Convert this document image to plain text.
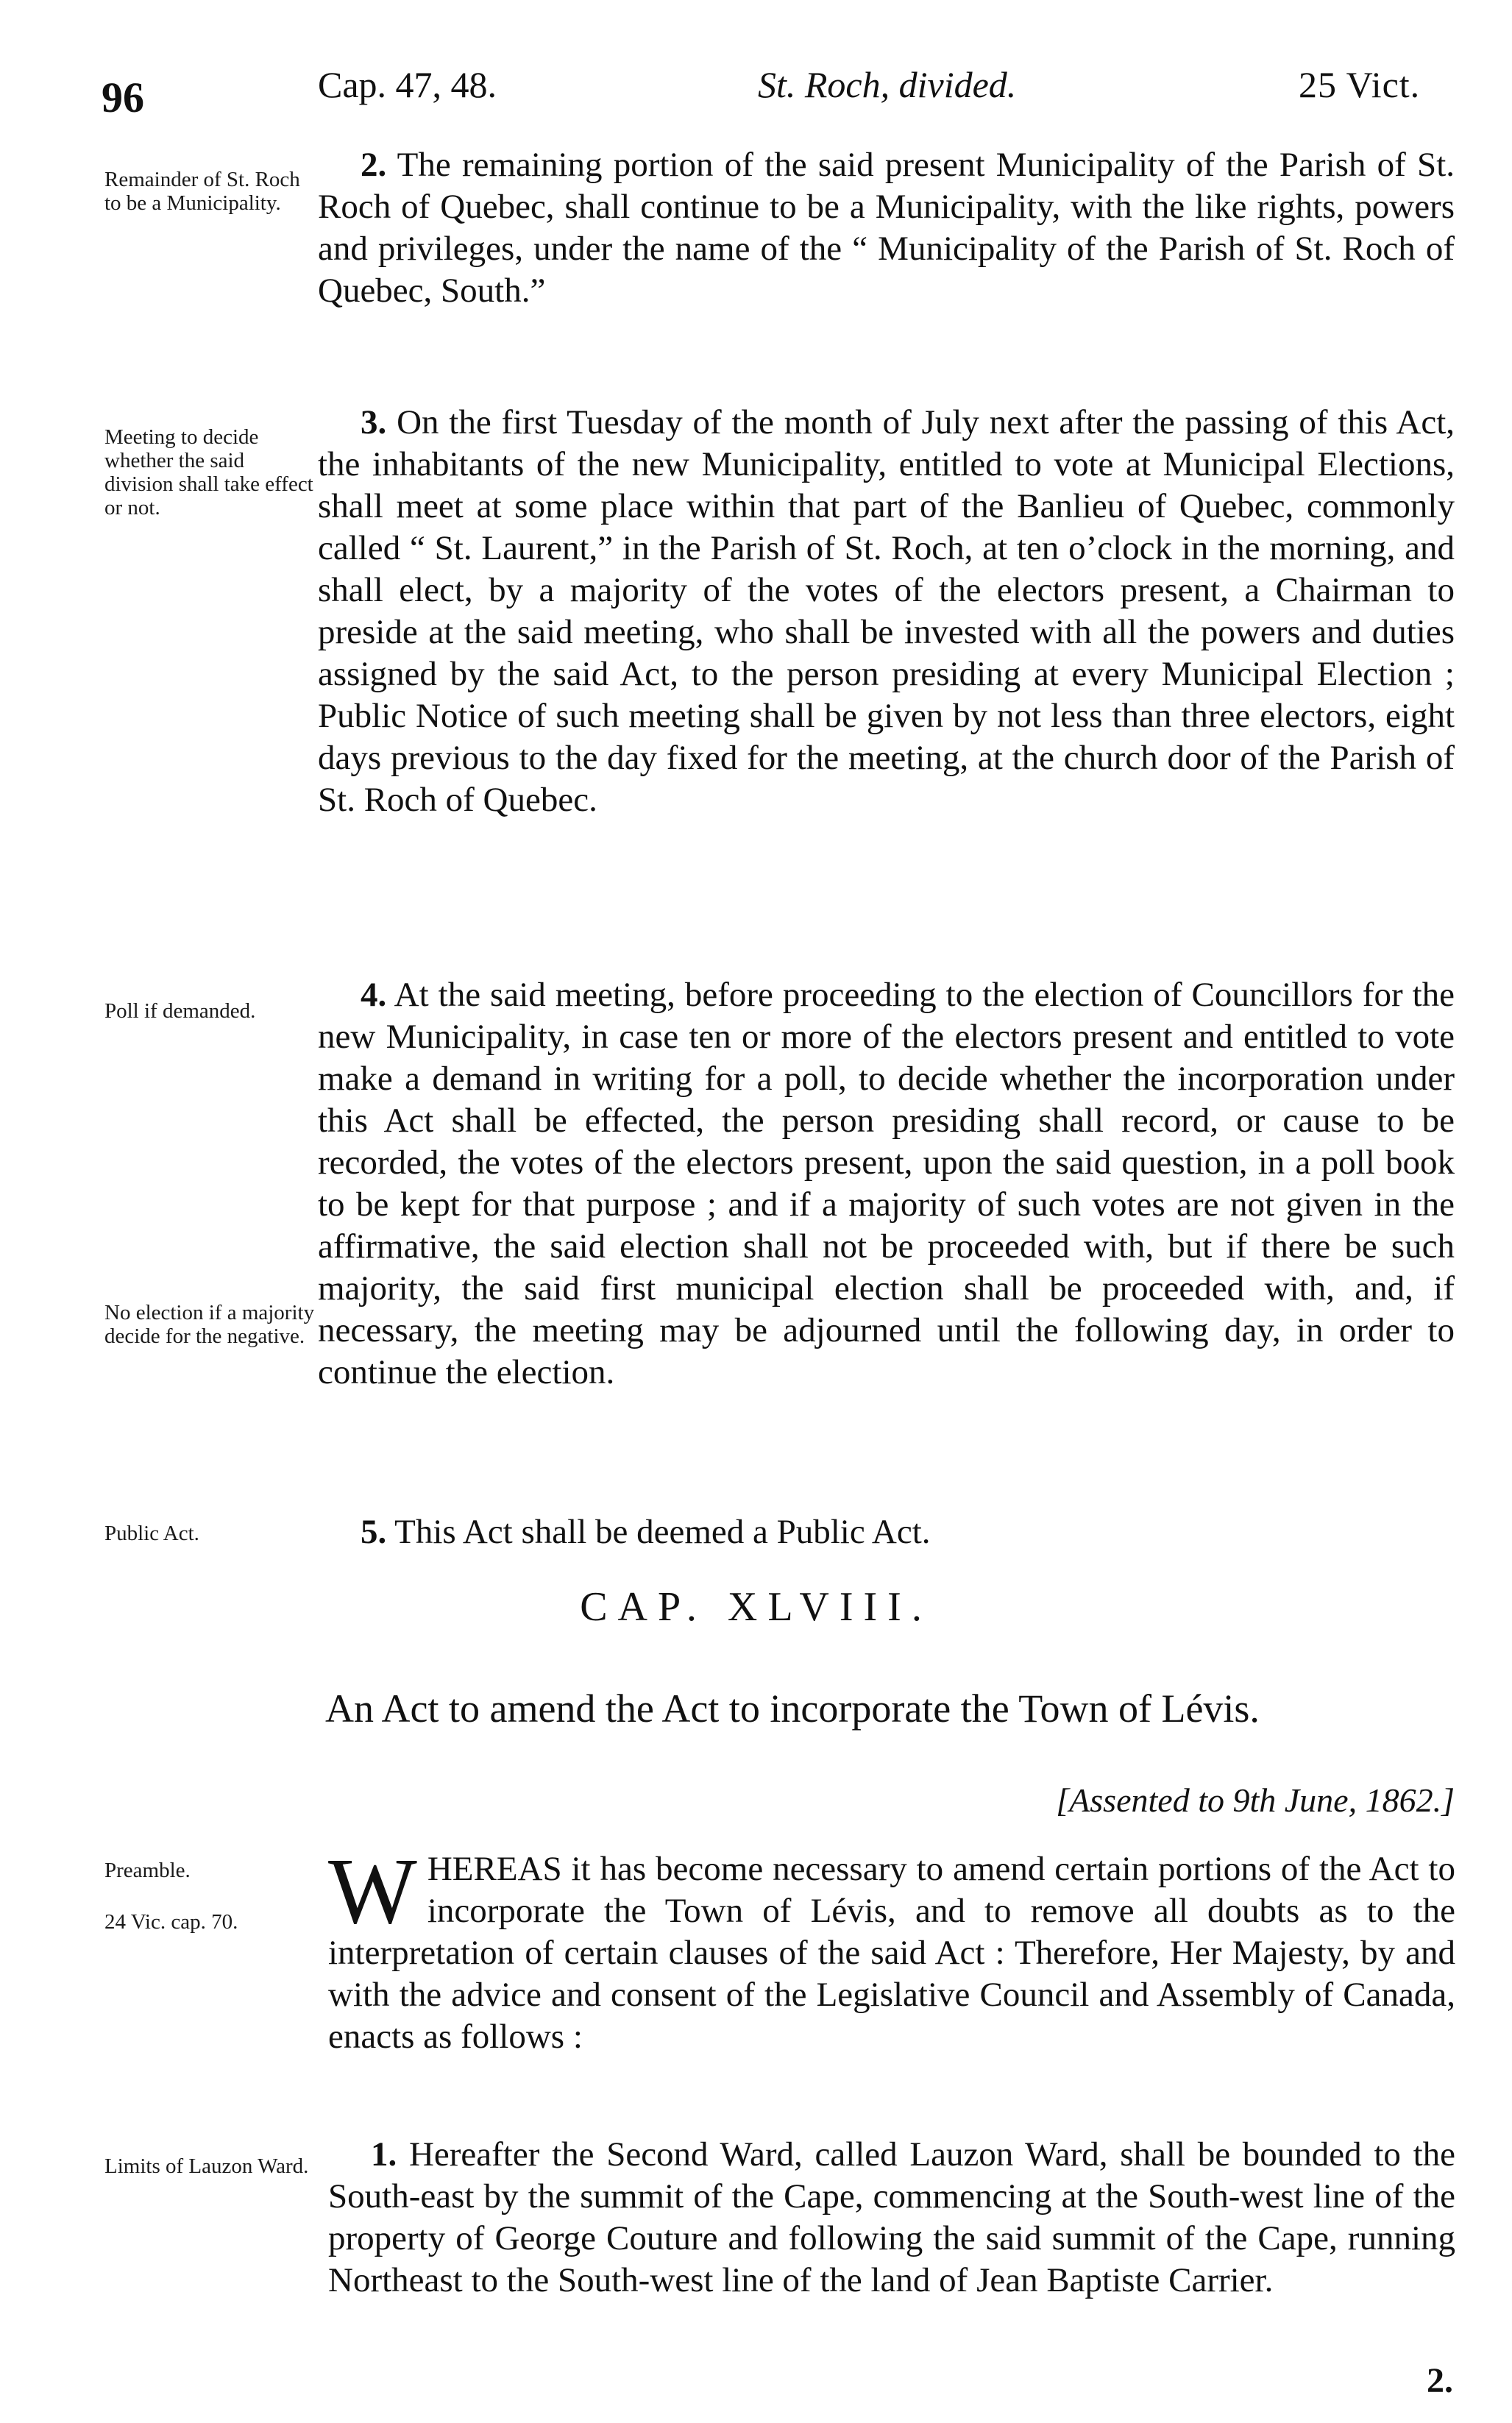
96	Cap. 47, 48.	St. Roch, divided.	25 Vict.
Remainder of St. Roch to be a Municipality.
2. The remaining portion of the said present Municipality of the Parish of St. Roch of Quebec, shall continue to be a Municipality, with the like rights, powers and privileges, under the name of the “ Municipality of the Parish of St. Roch of Quebec, South.”
Meeting to decide whether the said division shall take effect or not.
3. On the first Tuesday of the month of July next after the passing of this Act, the inhabitants of the new Municipality, entitled to vote at Municipal Elections, shall meet at some place within that part of the Banlieu of Quebec, commonly called “ St. Laurent,” in the Parish of St. Roch, at ten o’clock in the morning, and shall elect, by a majority of the votes of the electors present, a Chairman to preside at the said meeting, who shall be invested with all the powers and duties assigned by the said Act, to the person presiding at every Municipal Election ; Public Notice of such meeting shall be given by not less than three electors, eight days previous to the day fixed for the meeting, at the church door of the Parish of St. Roch of Quebec.
Poll if demanded.
No election if a majority decide for the negative.
4. At the said meeting, before proceeding to the election of Councillors for the new Municipality, in case ten or more of the electors present and entitled to vote make a demand in writing for a poll, to decide whether the incorporation under this Act shall be effected, the person presiding shall record, or cause to be recorded, the votes of the electors present, upon the said question, in a poll book to be kept for that purpose ; and if a majority of such votes are not given in the affirmative, the said election shall not be proceeded with, but if there be such majority, the said first municipal election shall be proceeded with, and, if necessary, the meeting may be adjourned until the following day, in order to continue the election.
Public Act.	5. This Act shall be deemed a Public Act.
CAP. XLVIII.
An Act to amend the Act to incorporate the Town of Lévis.
[Assented to 9th June, 1862.]
Preamble.
24 Vic. cap. 70. WHEREAS it has become necessary to amend certain portions of the Act to incorporate the Town of Lévis, and to remove all doubts as to the interpretation of certain clauses of the said Act : Therefore, Her Majesty, by and with the advice and consent of the Legislative Council and Assembly of Canada, enacts as follows :
Limits of Lauzon Ward.	1. Hereafter the Second Ward, called Lauzon Ward, shall be bounded to the South-east by the summit of the Cape, commencing at the South-west line of the property of George Couture and following the said summit of the Cape, running Northeast to the South-west line of the land of Jean Baptiste Carrier.
2.
